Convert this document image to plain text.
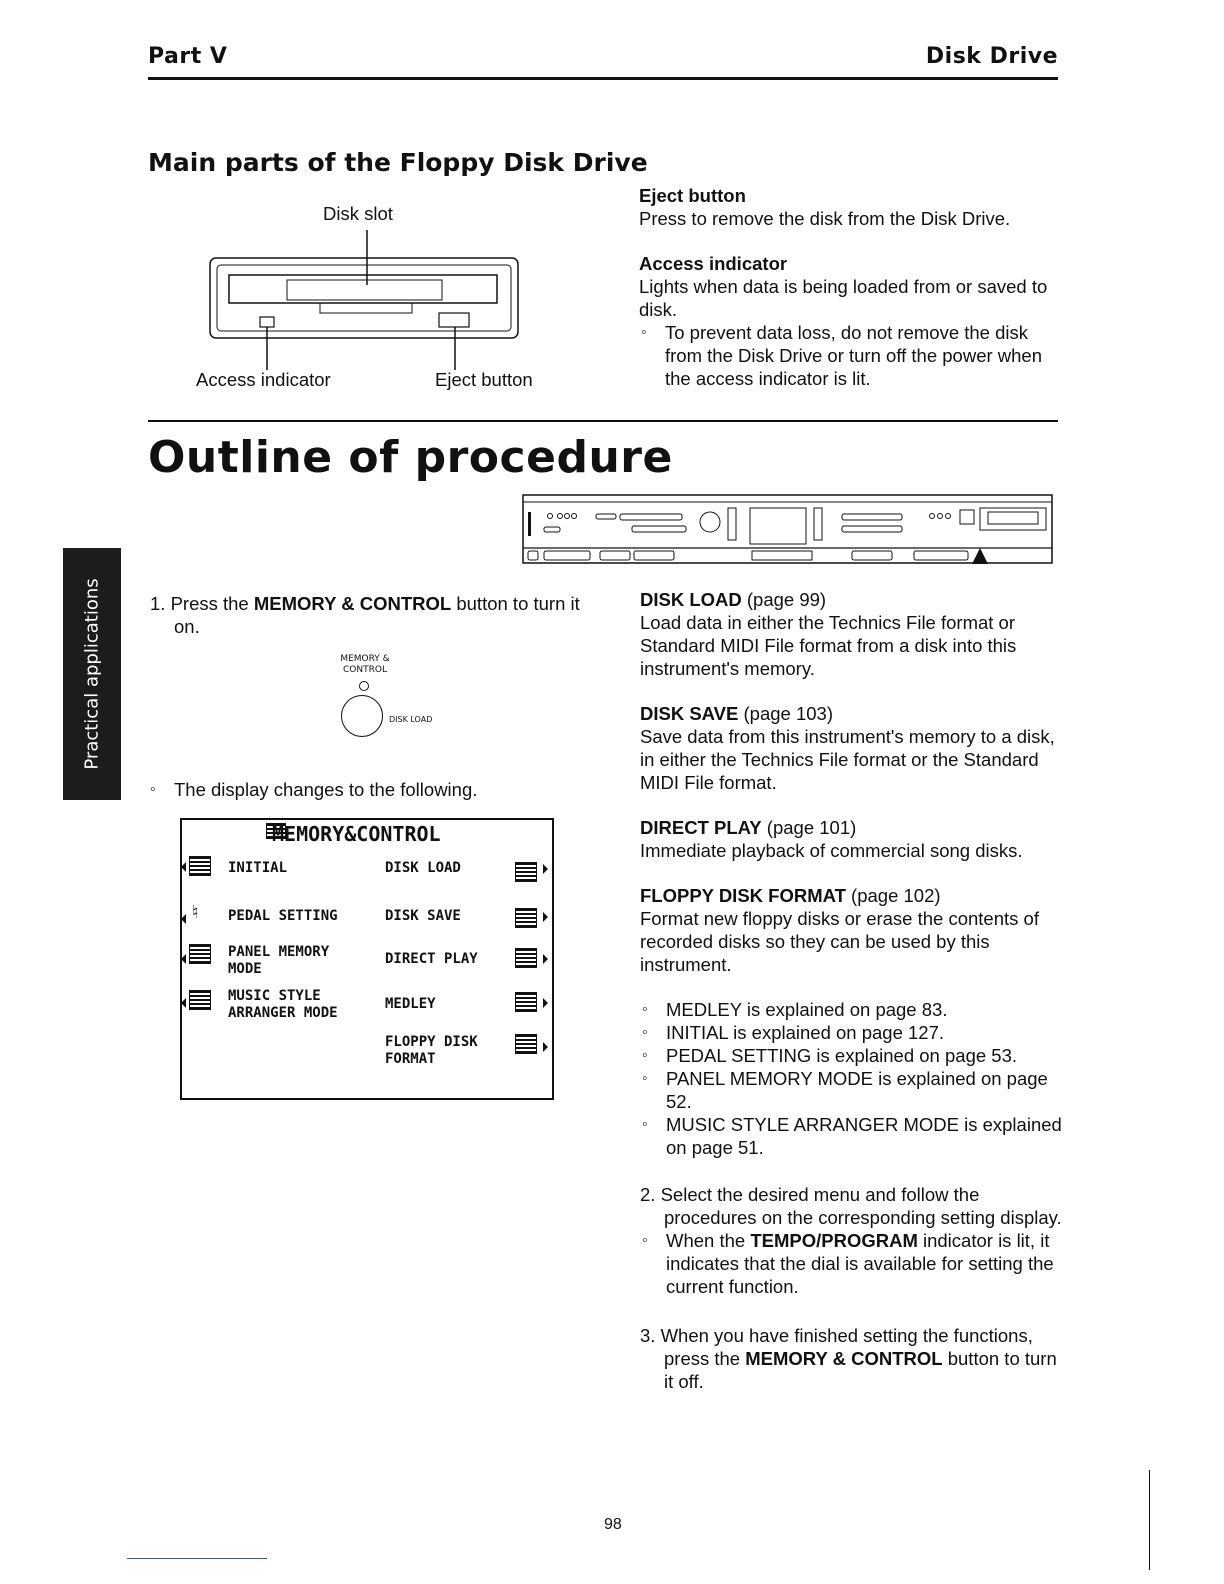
Part V	Disk Drive
Main parts of the Floppy Disk Drive
Disk slot
Access indicator	Eject button

Eject button

Press to remove the disk from the Disk Drive.

Access indicator

Lights when data is being loaded from or saved to disk.

◦ To prevent data loss, do not remove the disk from the Disk Drive or turn off the power when the access indicator is lit.

Outline of procedure
Practical applications	1. Press the MEMORY & CONTROL button to turn it on.
MEMORY &
CONTROL
DISK LOAD
◦ The display changes to the following.
MEMORY&CONTROL
INITIAL
♮ PEDAL SETTING
PANEL MEMORY
MODE
MUSIC STYLE
ARRANGER MODE
DISK LOAD
DISK SAVE
DIRECT PLAY
MEDLEY
FLOPPY DISK
FORMAT

DISK LOAD (page 99)

Load data in either the Technics File format or Standard MIDI File format from a disk into this instrument's memory.

DISK SAVE (page 103)

Save data from this instrument's memory to a disk, in either the Technics File format or the Standard MIDI File format.

DIRECT PLAY (page 101)

Immediate playback of commercial song disks.

FLOPPY DISK FORMAT (page 102)

Format new floppy disks or erase the contents of recorded disks so they can be used by this instrument.

◦ MEDLEY is explained on page 83.

◦ INITIAL is explained on page 127.

◦ PEDAL SETTING is explained on page 53.

◦ PANEL MEMORY MODE is explained on page 52.

◦ MUSIC STYLE ARRANGER MODE is explained on page 51.

2. Select the desired menu and follow the procedures on the corresponding setting display.

◦ When the TEMPO/PROGRAM indicator is lit, it indicates that the dial is available for setting the current function.

3. When you have finished setting the functions, press the MEMORY & CONTROL button to turn it off.
98
